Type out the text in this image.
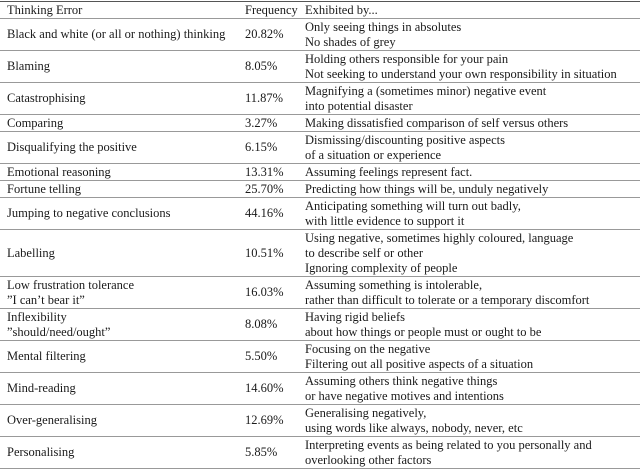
Thinking Error	Frequency	Exhibited by...

Black and white (or all or nothing) thinking	20.82%	Only seeing things in absolutes
No shades of grey

Blaming	8.05%	Holding others responsible for your pain
Not seeking to understand your own responsibility in situation

Catastrophising	11.87%	Magnifying a (sometimes minor) negative event
into potential disaster

Comparing	3.27%	Making dissatisfied comparison of self versus others

Disqualifying the positive	6.15%	Dismissing/discounting positive aspects
of a situation or experience

Emotional reasoning	13.31%	Assuming feelings represent fact.

Fortune telling	25.70%	Predicting how things will be, unduly negatively

Jumping to negative conclusions	44.16%	Anticipating something will turn out badly,
with little evidence to support it

Labelling	10.51%	Using negative, sometimes highly coloured, language
to describe self or other
Ignoring complexity of people

Low frustration tolerance
”I can’t bear it”	16.03%	Assuming something is intolerable,
rather than difficult to tolerate or a temporary discomfort

Inflexibility
”should/need/ought”	8.08%	Having rigid beliefs
about how things or people must or ought to be

Mental filtering	5.50%	Focusing on the negative
Filtering out all positive aspects of a situation

Mind-reading	14.60%	Assuming others think negative things
or have negative motives and intentions

Over-generalising	12.69%	Generalising negatively,
using words like always, nobody, never, etc

Personalising	5.85%	Interpreting events as being related to you personally and
overlooking other factors
